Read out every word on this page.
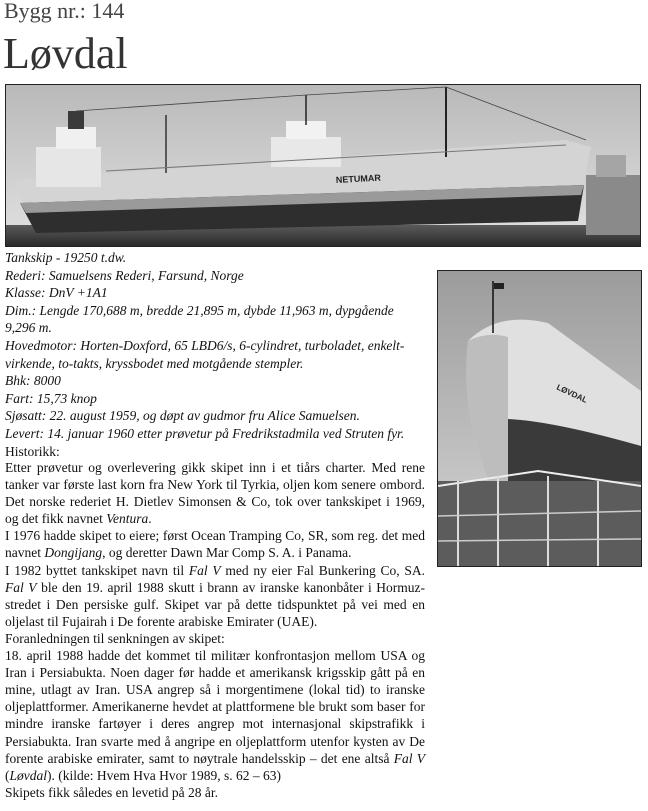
Bygg nr.: 144
Løvdal
NETUMAR
LØVDAL
Tankskip - 19250 t.dw.
Rederi: Samuelsens Rederi, Farsund, Norge
Klasse: DnV +1A1
Dim.: Lengde 170,688 m, bredde 21,895 m, dybde 11,963 m, dypgående
9,296 m.
Hovedmotor: Horten-Doxford, 65 LBD6/s, 6-cylindret, turboladet, enkelt-
virkende, to-takts, kryssbodet med motgående stempler.
Bhk: 8000
Fart: 15,73 knop
Sjøsatt: 22. august 1959, og døpt av gudmor fru Alice Samuelsen.
Levert: 14. januar 1960 etter prøvetur på Fredrikstadmila ved Struten fyr.
Historikk:

Etter prøvetur og overlevering gikk skipet inn i et tiårs charter. Med rene tanker var første last korn fra New York til Tyrkia, oljen kom senere ombord. Det norske rederiet H. Dietlev Simonsen & Co, tok over tankskipet i 1969, og det fikk navnet Ventura.

I 1976 hadde skipet to eiere; først Ocean Tramping Co, SR, som reg. det med navnet Dongijang, og deretter Dawn Mar Comp S. A. i Panama.

I 1982 byttet tankskipet navn til Fal V med ny eier Fal Bunkering Co, SA. Fal V ble den 19. april 1988 skutt i brann av iranske kanonbåter i Hormuz-stredet i Den persiske gulf. Skipet var på dette tidspunktet på vei med en oljelast til Fujairah i De forente arabiske Emirater (UAE).

Foranledningen til senkningen av skipet:

18. april 1988 hadde det kommet til militær konfrontasjon mellom USA og Iran i Persiabukta. Noen dager før hadde et amerikansk krigsskip gått på en mine, utlagt av Iran. USA angrep så i morgentimene (lokal tid) to iranske oljeplattformer. Amerikanerne hevdet at plattformene ble brukt som baser for mindre iranske fartøyer i deres angrep mot internasjonal skipstrafikk i Persiabukta. Iran svarte med å angripe en oljeplattform utenfor kysten av De forente arabiske emirater, samt to nøytrale handelsskip – det ene altså Fal V (Løvdal). (kilde: Hvem Hva Hvor 1989, s. 62 – 63)

Skipets fikk således en levetid på 28 år.
